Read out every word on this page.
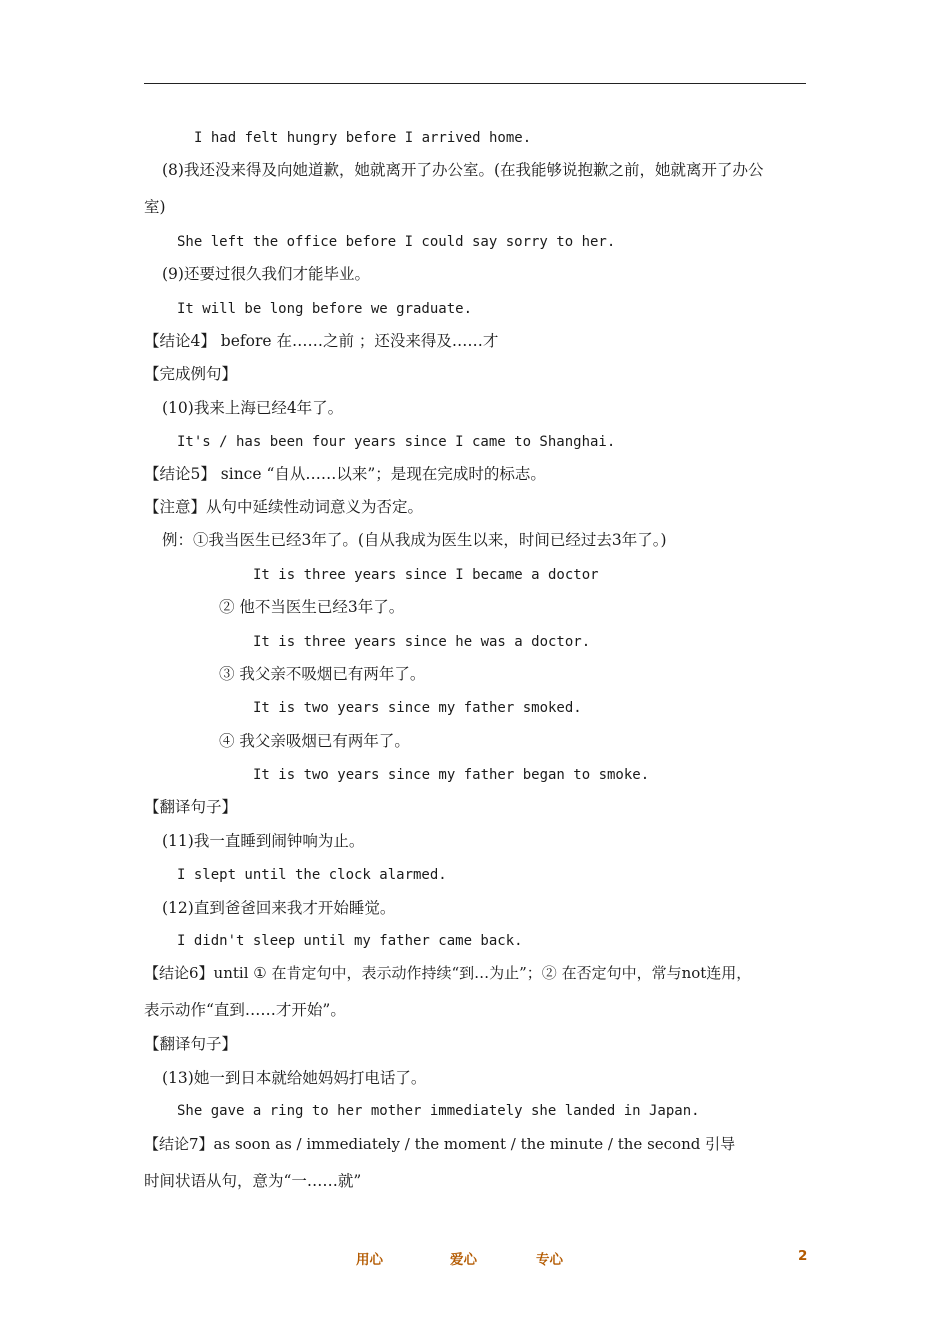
I had felt hungry before I arrived home.
(8)我还没来得及向她道歉，她就离开了办公室。(在我能够说抱歉之前，她就离开了办公
室)
She left the office before I could say sorry to her.
(9)还要过很久我们才能毕业。
It will be long before we graduate.
【结论4】 before 在……之前 ；还没来得及……才
【完成例句】
(10)我来上海已经4年了。
It's / has been four years since I came to Shanghai.
【结论5】 since “自从……以来”；是现在完成时的标志。
【注意】从句中延续性动词意义为否定。
例：①我当医生已经3年了。(自从我成为医生以来，时间已经过去3年了。)
It is three years since I became a doctor
② 他不当医生已经3年了。
It is three years since he was a doctor.
③ 我父亲不吸烟已有两年了。
It is two years since my father smoked.
④ 我父亲吸烟已有两年了。
It is two years since my father began to smoke.
【翻译句子】
(11)我一直睡到闹钟响为止。
I slept until the clock alarmed.
(12)直到爸爸回来我才开始睡觉。
I didn't sleep until my father came back.
【结论6】until ① 在肯定句中，表示动作持续“到…为止”；② 在否定句中，常与not连用，
表示动作“直到……才开始”。
【翻译句子】
(13)她一到日本就给她妈妈打电话了。
She gave a ring to her mother immediately she landed in Japan.
【结论7】as soon as / immediately / the moment / the minute / the second 引导
时间状语从句，意为“一……就”
用心	爱心	专心	2
